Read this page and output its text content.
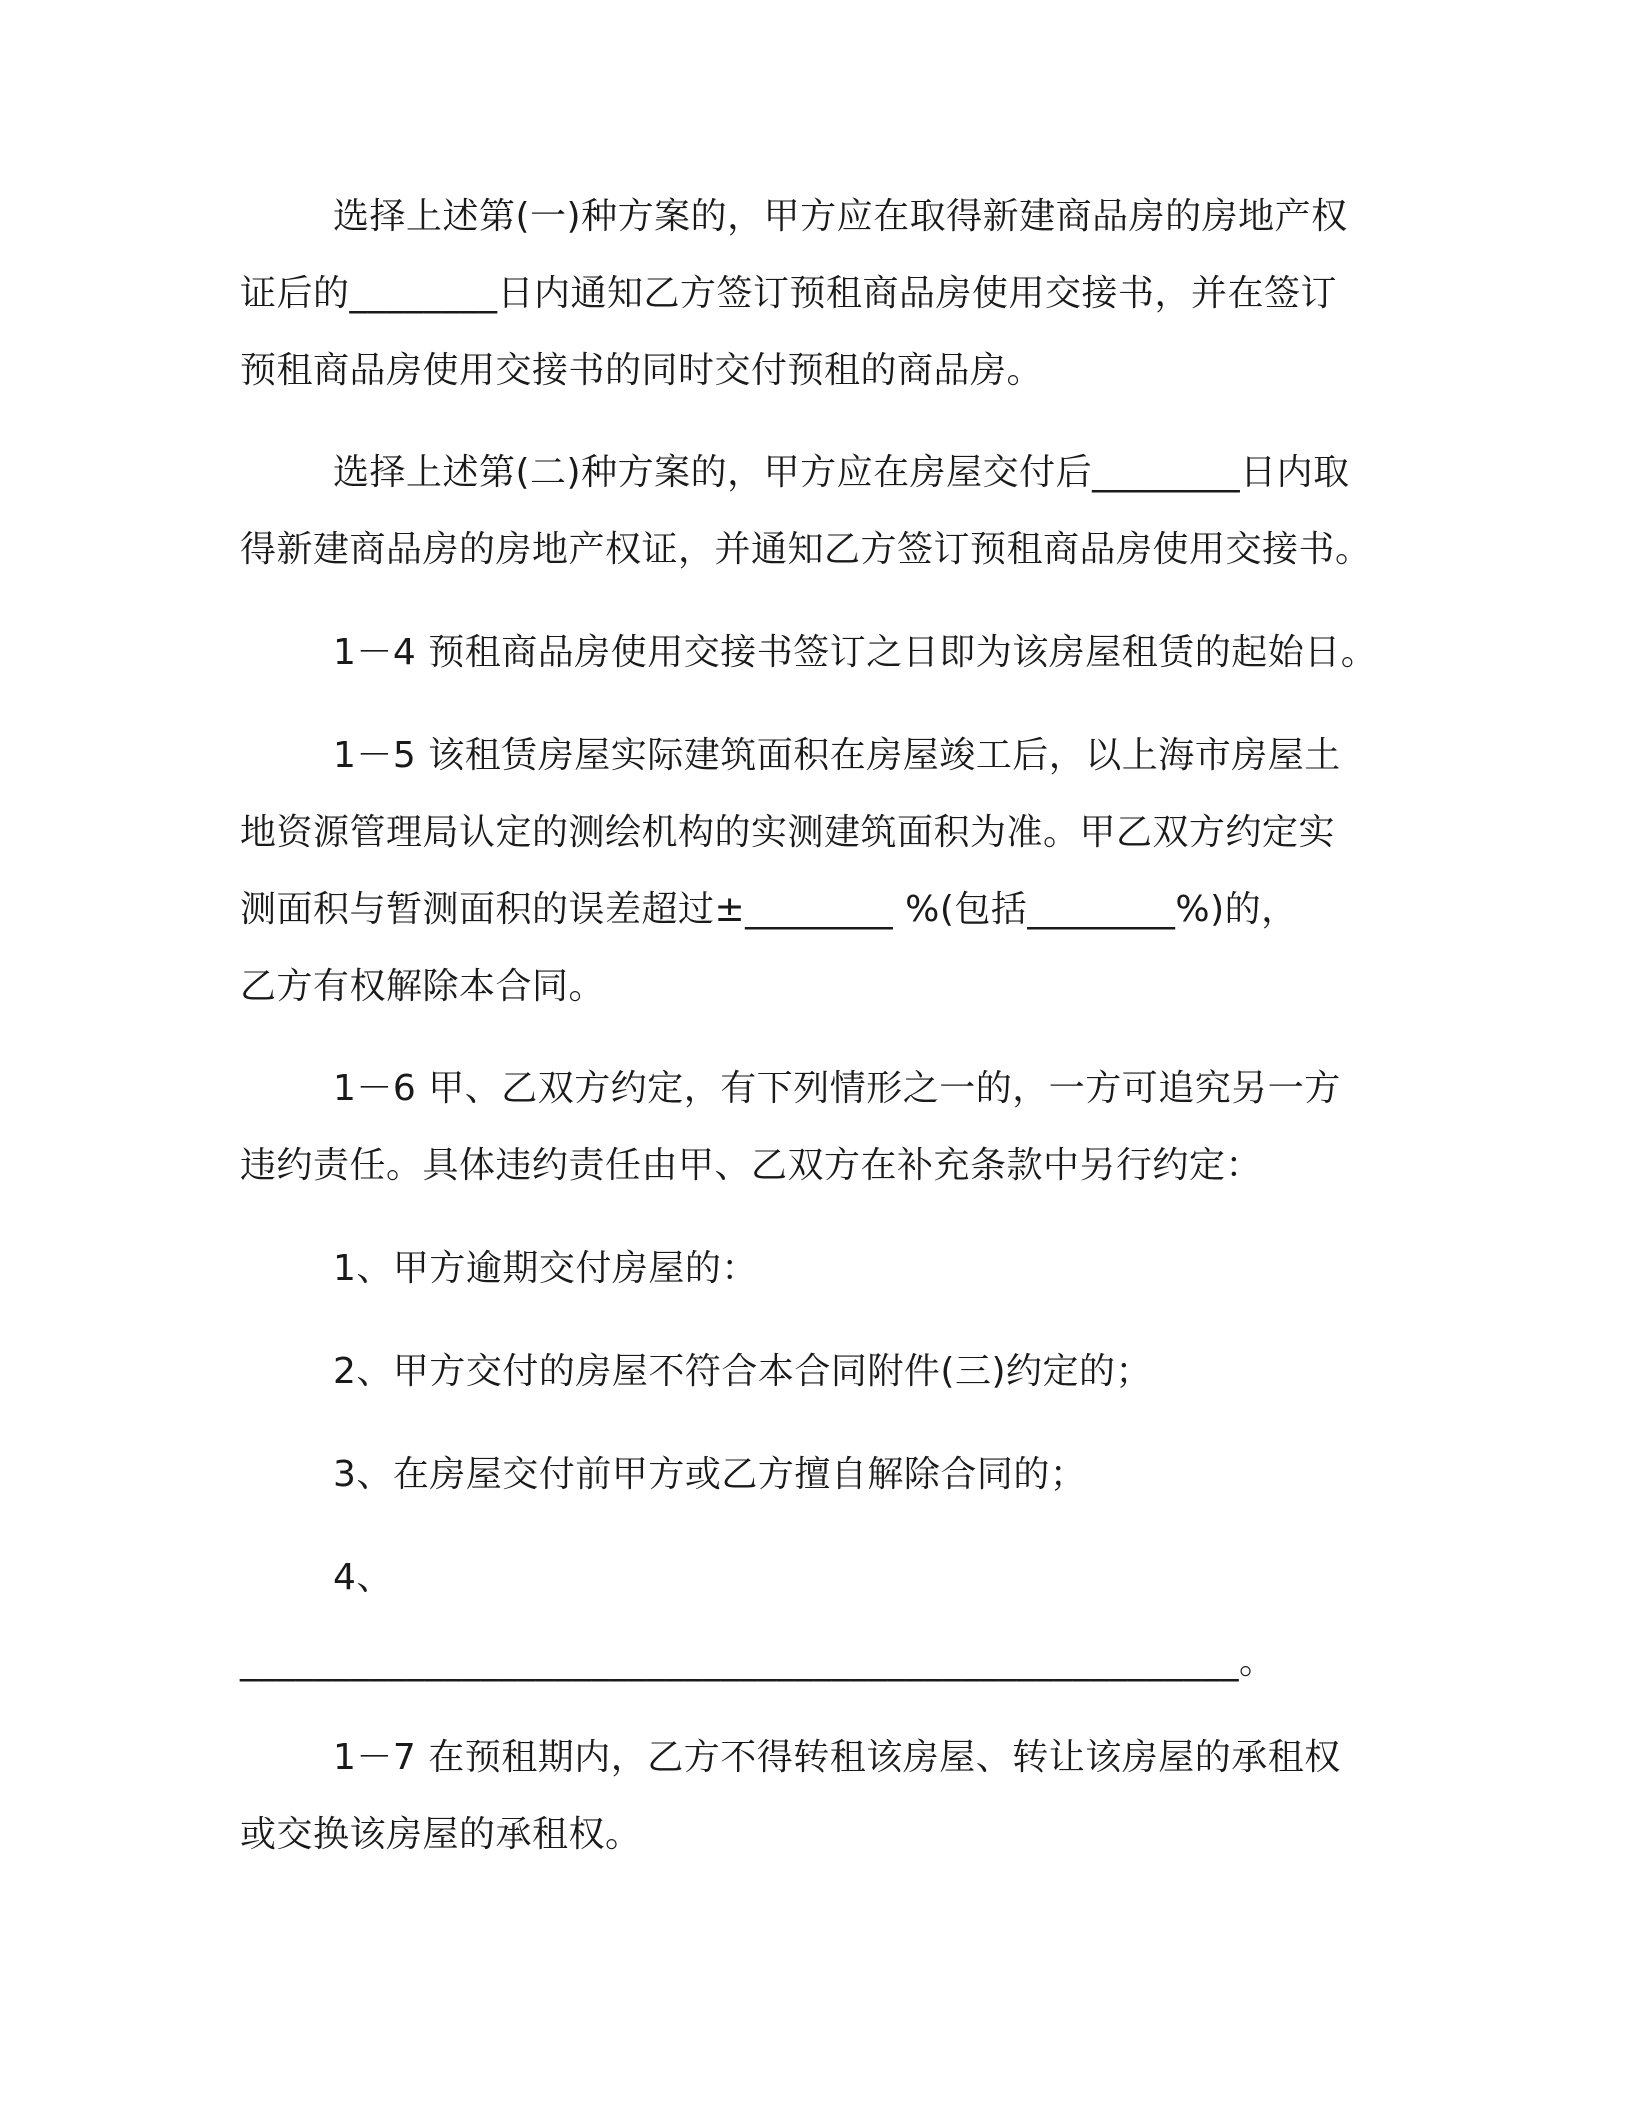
选择上述第(一)种方案的，甲方应在取得新建商品房的房地产权
证后的________日内通知乙方签订预租商品房使用交接书，并在签订
预租商品房使用交接书的同时交付预租的商品房。
选择上述第(二)种方案的，甲方应在房屋交付后________日内取
得新建商品房的房地产权证，并通知乙方签订预租商品房使用交接书。
1－4 预租商品房使用交接书签订之日即为该房屋租赁的起始日。
1－5 该租赁房屋实际建筑面积在房屋竣工后，以上海市房屋土
地资源管理局认定的测绘机构的实测建筑面积为准。甲乙双方约定实
测面积与暂测面积的误差超过±________ %(包括________%)的，
乙方有权解除本合同。
1－6 甲、乙双方约定，有下列情形之一的，一方可追究另一方
违约责任。具体违约责任由甲、乙双方在补充条款中另行约定：
1、甲方逾期交付房屋的：
2、甲方交付的房屋不符合本合同附件(三)约定的；
3、在房屋交付前甲方或乙方擅自解除合同的；
4、
______________________________________________________。
1－7 在预租期内，乙方不得转租该房屋、转让该房屋的承租权
或交换该房屋的承租权。
